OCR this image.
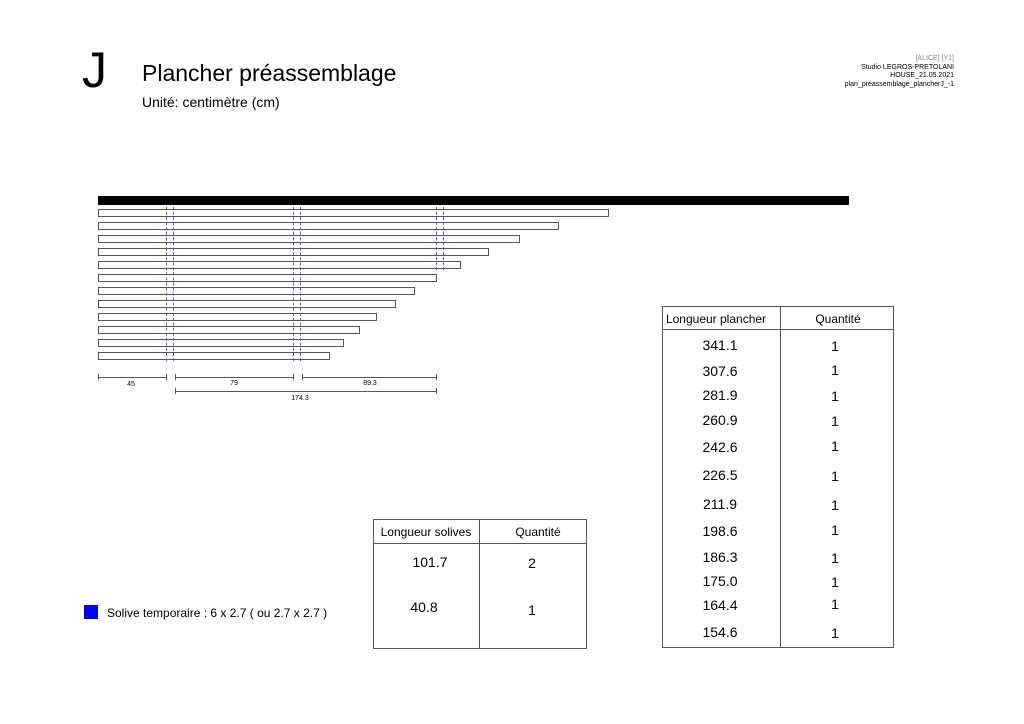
J Plancher préassemblage
Unité: centimètre (cm)
[ALICE] [Y1]
Studio LEGROS-PRETOLANI
HOUSE_21.05.2021
plan_préassemblage_plancherJ_-1
45	79	89.3
174.3
Longueur solives	Quantité
101.7	2
40.8	1
Longueur plancher	Quantité
341.1	1
307.6	1
281.9	1
260.9	1
242.6	1
226.5	1
211.9	1
198.6	1
186.3	1
175.0	1
164.4	1
154.6	1
Solive temporaire : 6 x 2.7 ( ou 2.7 x 2.7 )
